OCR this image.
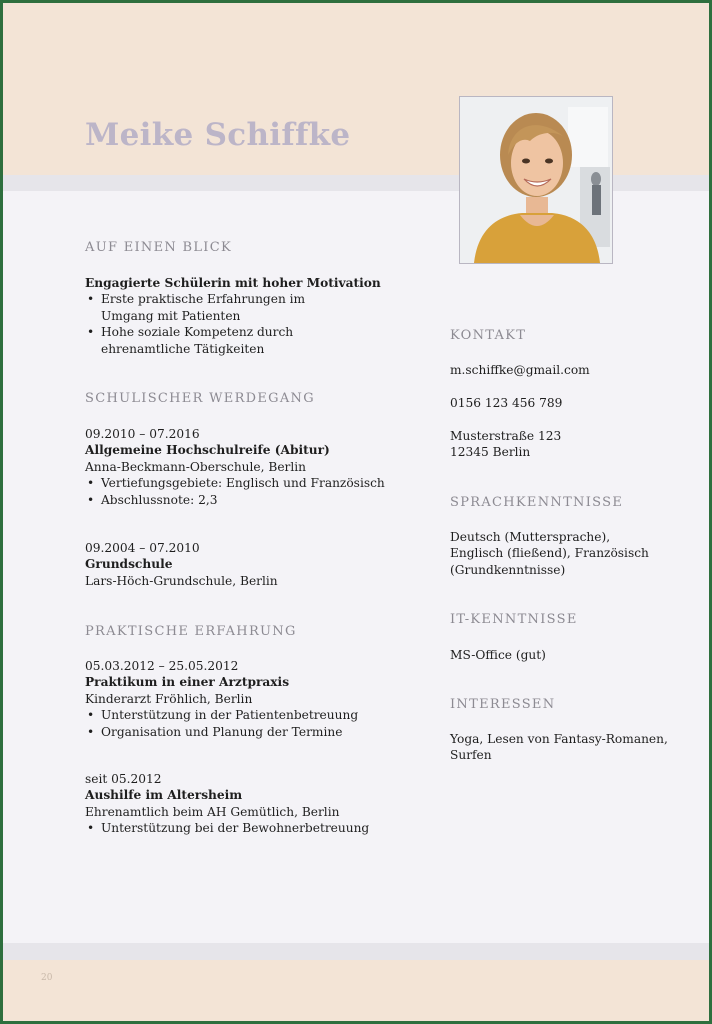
20
Meike Schiffke
AUF EINEN BLICK
Engagierte Schülerin mit hoher Motivation
• Erste praktische Erfahrungen im Umgang mit Patienten
• Hohe soziale Kompetenz durch ehrenamtliche Tätigkeiten
SCHULISCHER WERDEGANG
09.2010 – 07.2016
Allgemeine Hochschulreife (Abitur)
Anna-Beckmann-Oberschule, Berlin
• Vertiefungsgebiete: Englisch und Französisch
• Abschlussnote: 2,3
09.2004 – 07.2010
Grundschule
Lars-Höch-Grundschule, Berlin
PRAKTISCHE ERFAHRUNG
05.03.2012 – 25.05.2012
Praktikum in einer Arztpraxis
Kinderarzt Fröhlich, Berlin
• Unterstützung in der Patientenbetreuung
• Organisation und Planung der Termine
seit 05.2012
Aushilfe im Altersheim
Ehrenamtlich beim AH Gemütlich, Berlin
• Unterstützung bei der Bewohnerbetreuung
KONTAKT
m.schiffke@gmail.com
0156 123 456 789
Musterstraße 123
12345 Berlin
SPRACHKENNTNISSE
Deutsch (Muttersprache),
Englisch (fließend), Französisch
(Grundkenntnisse)
IT-KENNTNISSE
MS-Office (gut)
INTERESSEN
Yoga, Lesen von Fantasy-Romanen,
Surfen
